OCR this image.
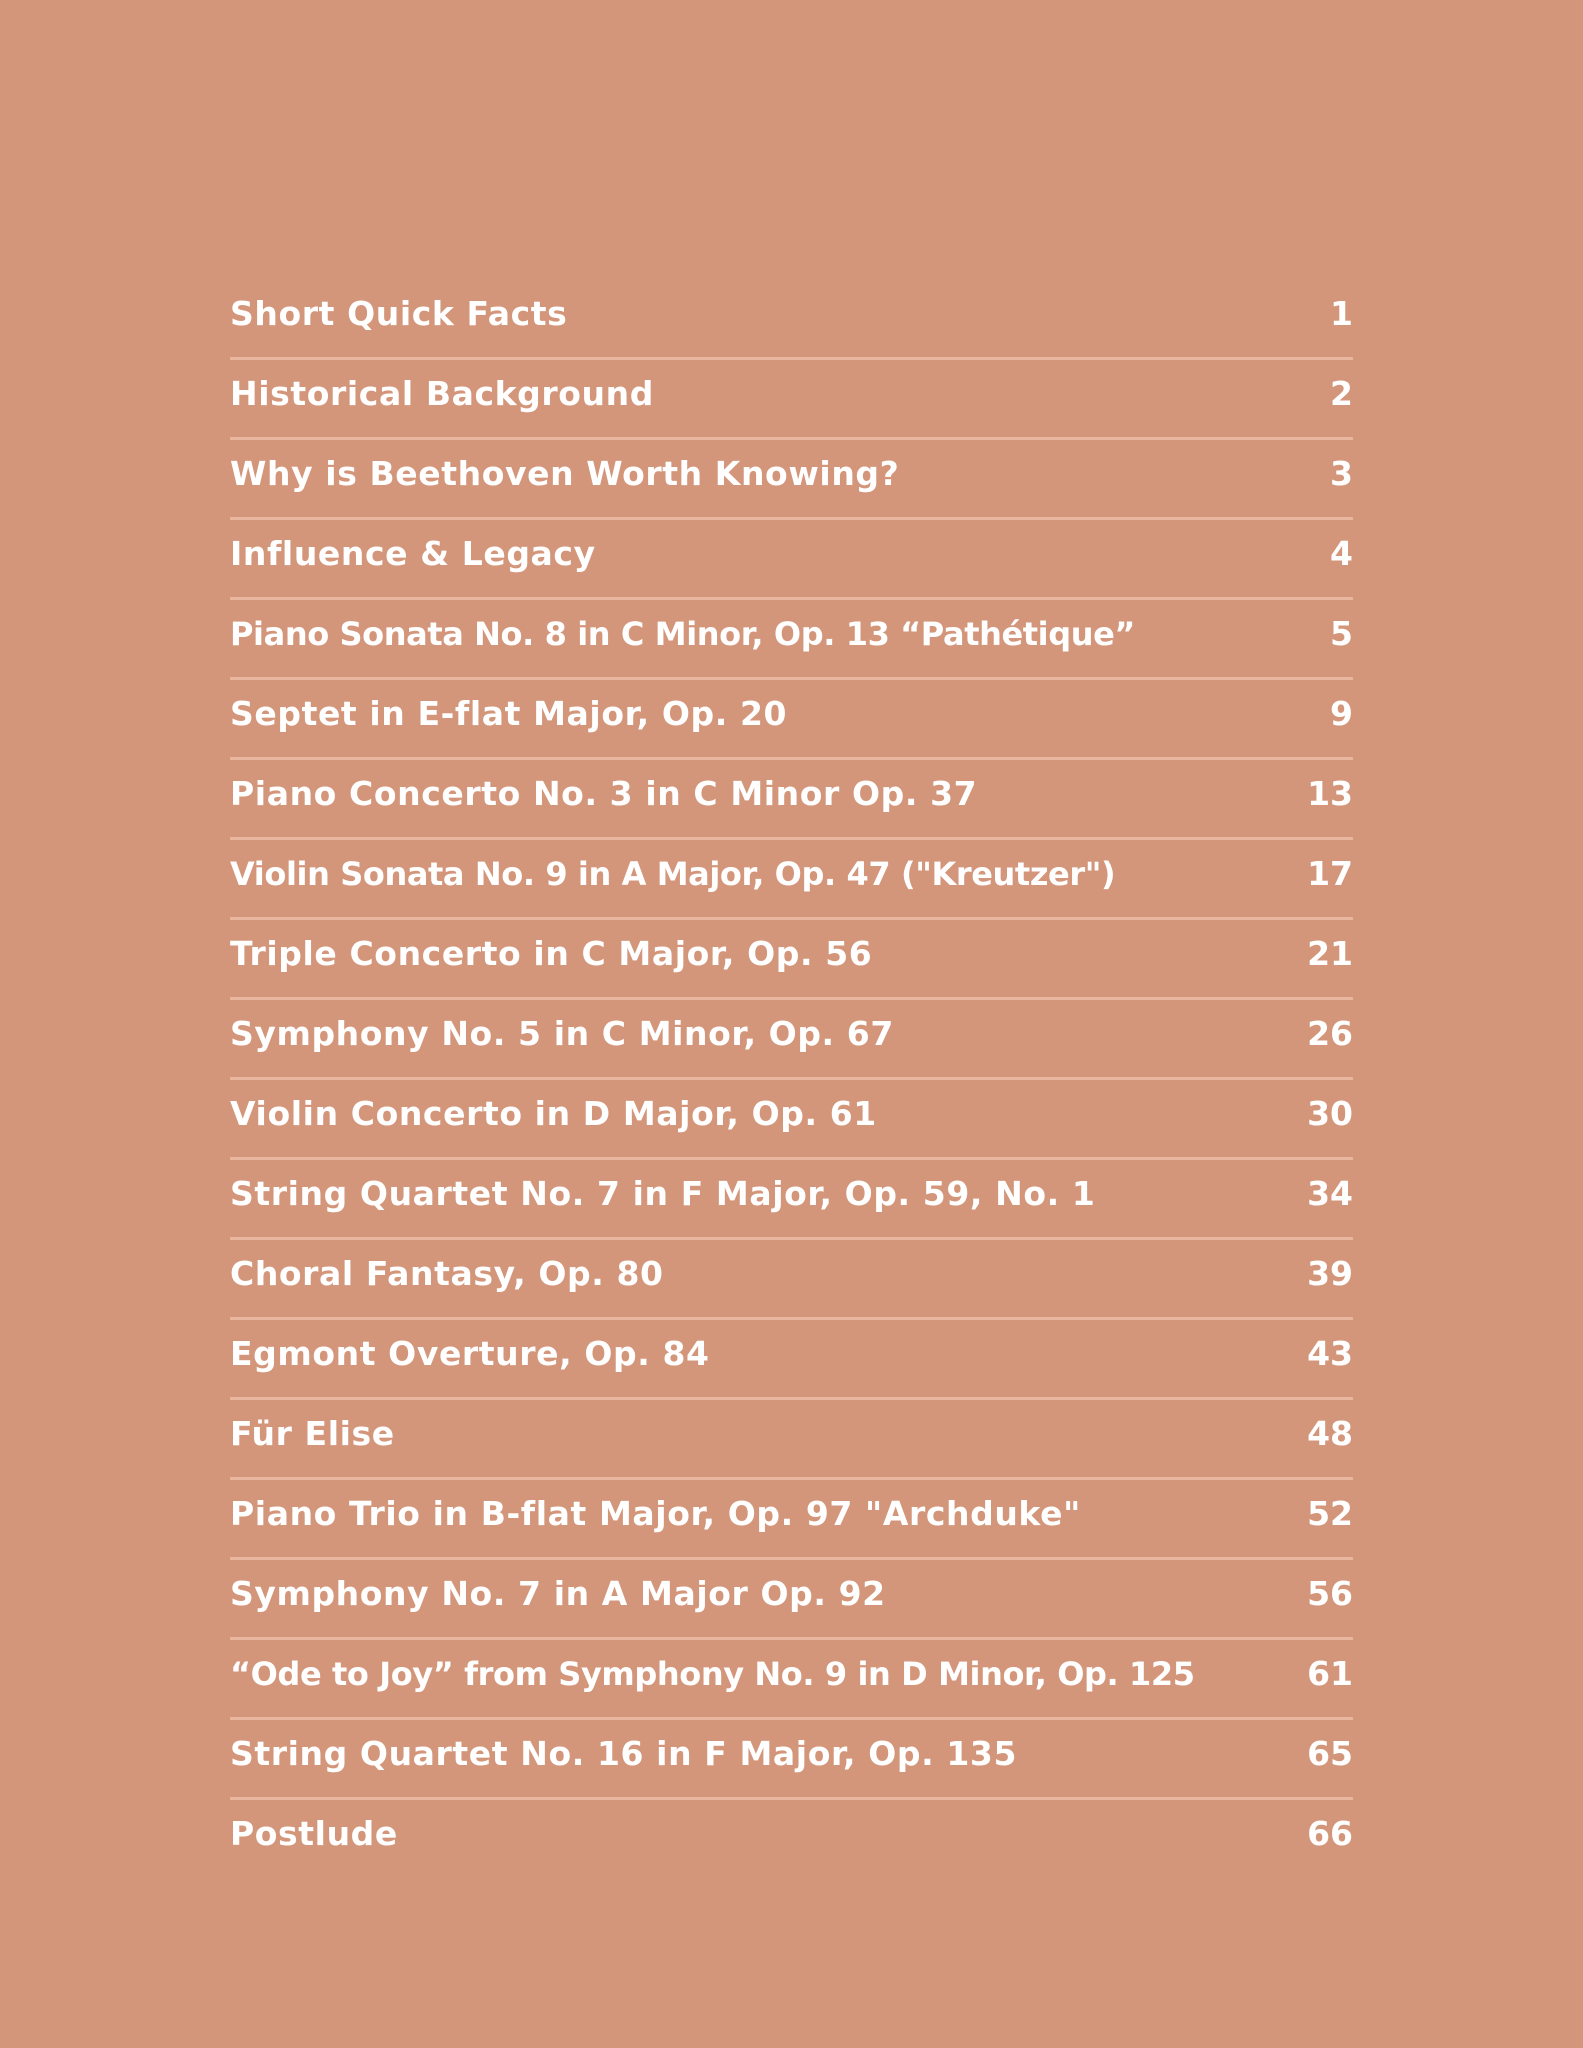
Short Quick Facts	1
Historical Background	2
Why is Beethoven Worth Knowing?	3
Influence & Legacy	4
Piano Sonata No. 8 in C Minor, Op. 13 “Pathétique”	5
Septet in E-flat Major, Op. 20	9
Piano Concerto No. 3 in C Minor Op. 37	13
Violin Sonata No. 9 in A Major, Op. 47 ("Kreutzer")	17
Triple Concerto in C Major, Op. 56	21
Symphony No. 5 in C Minor, Op. 67	26
Violin Concerto in D Major, Op. 61	30
String Quartet No. 7 in F Major, Op. 59, No. 1	34
Choral Fantasy, Op. 80	39
Egmont Overture, Op. 84	43
Für Elise	48
Piano Trio in B-flat Major, Op. 97 "Archduke"	52
Symphony No. 7 in A Major Op. 92	56
“Ode to Joy” from Symphony No. 9 in D Minor, Op. 125	61
String Quartet No. 16 in F Major, Op. 135	65
Postlude	66
